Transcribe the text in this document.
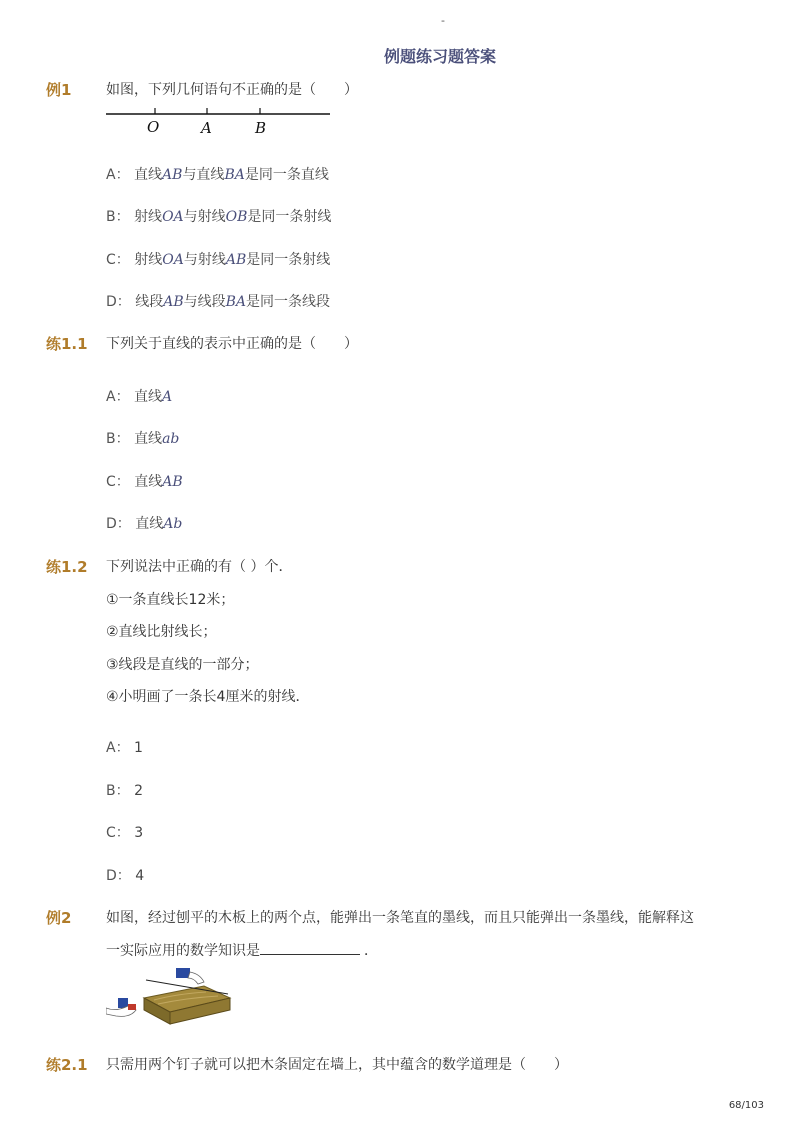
-
例题练习题答案
例1 如图，下列几何语句不正确的是（　　）
O	A	B
A： 直线AB与直线BA是同一条直线
B： 射线OA与射线OB是同一条射线
C： 射线OA与射线AB是同一条射线
D： 线段AB与线段BA是同一条线段
练1.1 下列关于直线的表示中正确的是（　　）
A： 直线A
B： 直线ab
C： 直线AB
D： 直线Ab
练1.2 下列说法中正确的有（ ）个．
①一条直线长12米；
②直线比射线长；
③线段是直线的一部分；
④小明画了一条长4厘米的射线．
A： 1
B： 2
C： 3
D： 4
例2 如图，经过刨平的木板上的两个点，能弹出一条笔直的墨线，而且只能弹出一条墨线，能解释这
一实际应用的数学知识是	．
练2.1 只需用两个钉子就可以把木条固定在墙上，其中蕴含的数学道理是（　　）
68/103
